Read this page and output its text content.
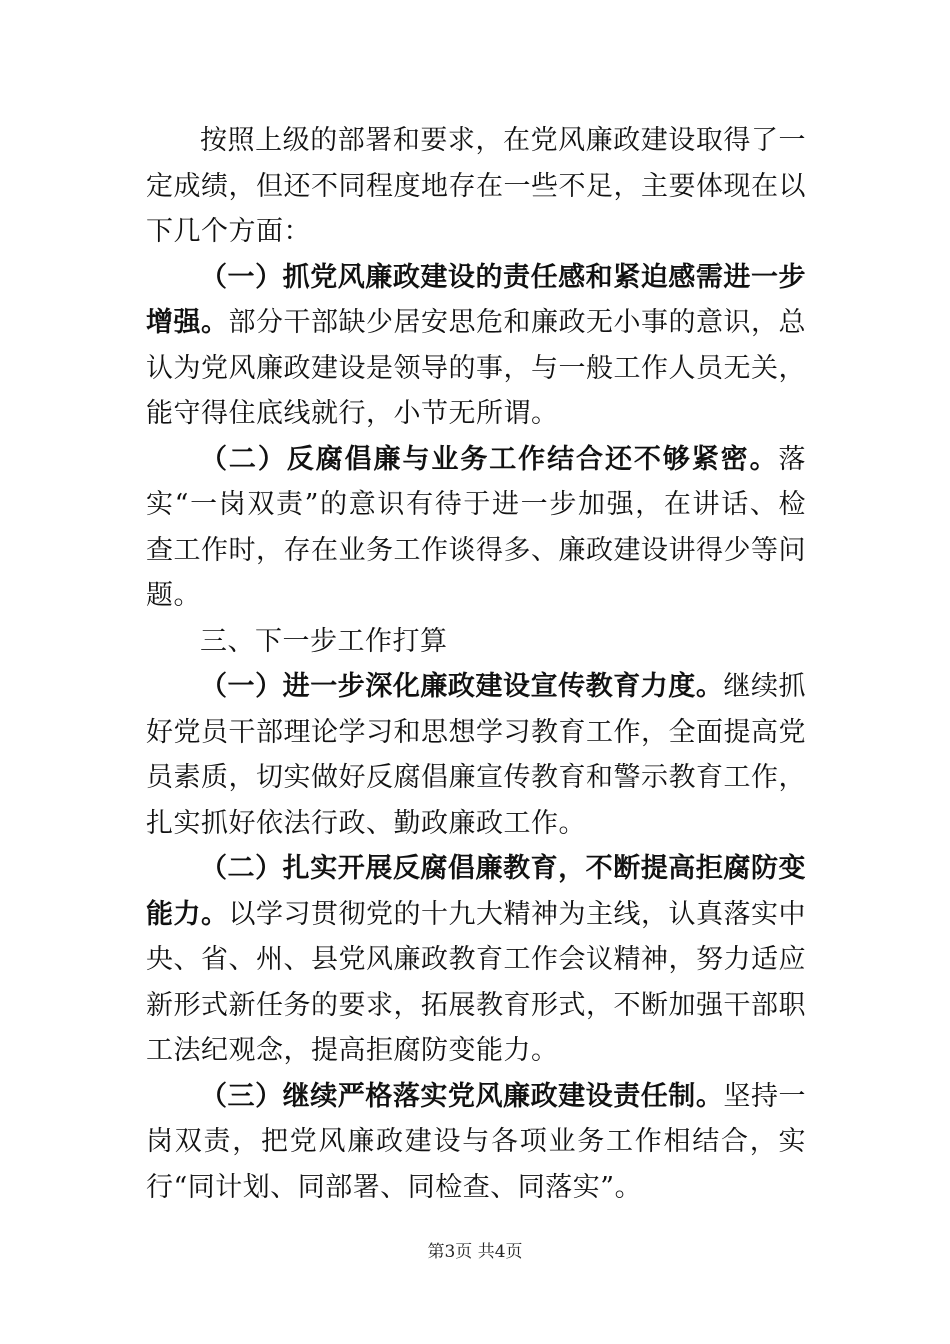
按照上级的部署和要求，在党风廉政建设取得了一定成绩，但还不同程度地存在一些不足，主要体现在以下几个方面：

（一）抓党风廉政建设的责任感和紧迫感需进一步增强。部分干部缺少居安思危和廉政无小事的意识，总认为党风廉政建设是领导的事，与一般工作人员无关，能守得住底线就行，小节无所谓。

（二）反腐倡廉与业务工作结合还不够紧密。落实“一岗双责”的意识有待于进一步加强，在讲话、检查工作时，存在业务工作谈得多、廉政建设讲得少等问题。

三、下一步工作打算

（一）进一步深化廉政建设宣传教育力度。继续抓好党员干部理论学习和思想学习教育工作，全面提高党员素质，切实做好反腐倡廉宣传教育和警示教育工作，扎实抓好依法行政、勤政廉政工作。

（二）扎实开展反腐倡廉教育，不断提高拒腐防变能力。以学习贯彻党的十九大精神为主线，认真落实中央、省、州、县党风廉政教育工作会议精神，努力适应新形式新任务的要求，拓展教育形式，不断加强干部职工法纪观念，提高拒腐防变能力。

（三）继续严格落实党风廉政建设责任制。坚持一岗双责，把党风廉政建设与各项业务工作相结合，实行“同计划、同部署、同检查、同落实”。

第3页 共4页
